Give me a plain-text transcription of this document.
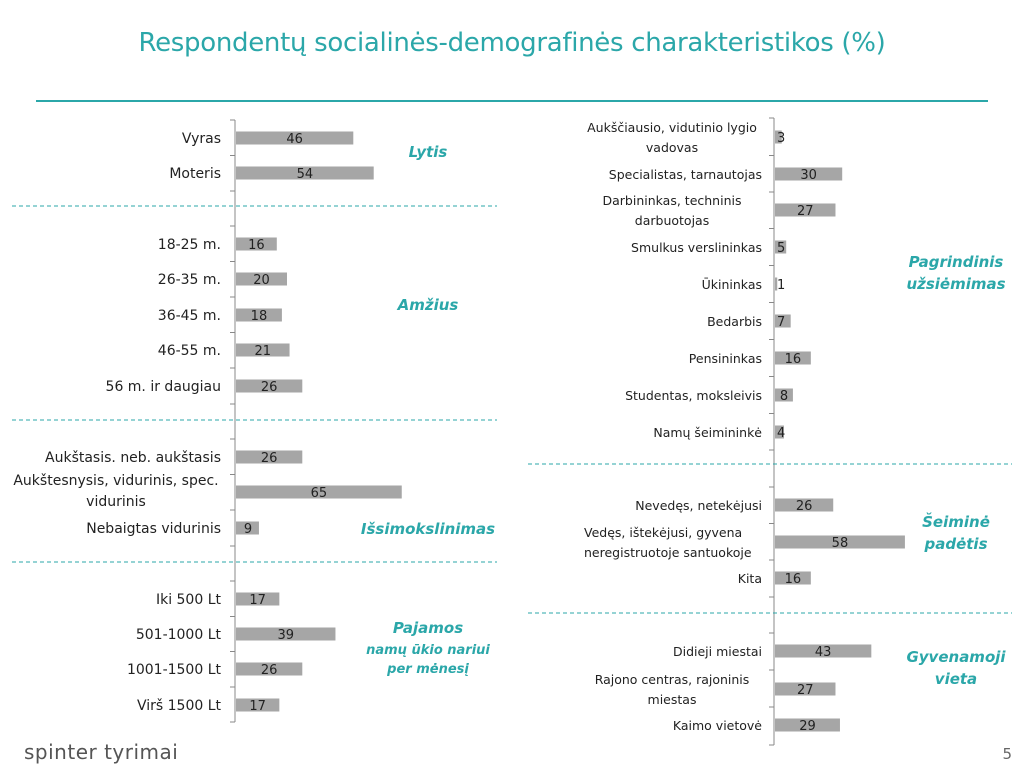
Respondentų socialinės-demografinės charakteristikos (%)
46
Vyras
54
Moteris
Lytis
16
18-25 m.
20
26-35 m.
18
36-45 m.
21
46-55 m.
26
56 m. ir daugiau
Amžius
26
Aukštasis. neb. aukštasis
65
Aukštesnysis, vidurinis, spec. vidurinis
9
Nebaigtas vidurinis	Išsimokslinimas
17
Iki 500 Lt
39
501-1000 Lt
26
1001-1500 Lt
17
Virš 1500 Lt
Pajamos
namų ūkio nariui
per mėnesį
3
Aukščiausio, vidutinio lygio vadovas
30
Specialistas, tarnautojas
27
Darbininkas, techninis darbuotojas
5
Smulkus verslininkas
1
Ūkininkas
7
Bedarbis
16
Pensininkas
8
Studentas, moksleivis
4
Namų šeimininkė
Pagrindinis
užsiėmimas
26
Nevedęs, netekėjusi
58
Vedęs, ištekėjusi, gyvena neregistruotoje santuokoje
16
Kita
Šeiminė
padėtis
43
Didieji miestai
27
Rajono centras, rajoninis miestas
29
Kaimo vietovė
Gyvenamoji
vieta
spinter tyrimai	5
